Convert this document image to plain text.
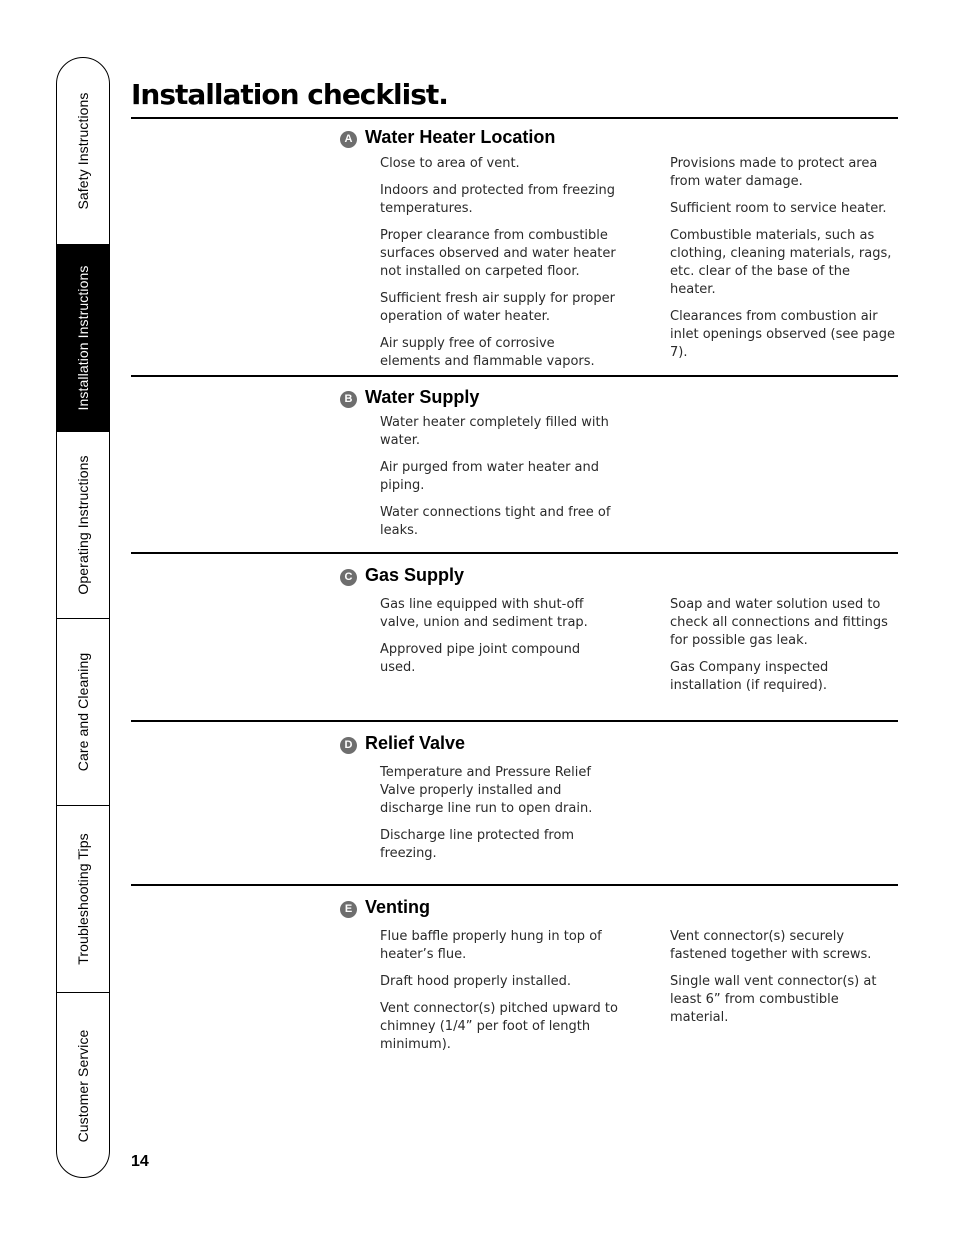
Safety Instructions
Installation Instructions
Operating Instructions
Care and Cleaning
Troubleshooting Tips
Customer Service
Installation checklist.
A Water Heater Location

Close to area of vent.

Indoors and protected from freezing temperatures.

Proper clearance from combustible surfaces observed and water heater not installed on carpeted floor.

Sufficient fresh air supply for proper operation of water heater.

Air supply free of corrosive elements and flammable vapors.

Provisions made to protect area from water damage.

Sufficient room to service heater.

Combustible materials, such as clothing, cleaning materials, rags, etc. clear of the base of the heater.

Clearances from combustion air inlet openings observed (see page 7).

B Water Supply

Water heater completely filled with water.

Air purged from water heater and piping.

Water connections tight and free of leaks.

C Gas Supply

Gas line equipped with shut-off valve, union and sediment trap.

Approved pipe joint compound used.

Soap and water solution used to check all connections and fittings for possible gas leak.

Gas Company inspected installation (if required).

D Relief Valve

Temperature and Pressure Relief Valve properly installed and discharge line run to open drain.

Discharge line protected from freezing.

E Venting

Flue baffle properly hung in top of heater’s flue.

Draft hood properly installed.

Vent connector(s) pitched upward to chimney (1/4” per foot of length minimum).

Vent connector(s) securely fastened together with screws.

Single wall vent connector(s) at least 6” from combustible material.

14
